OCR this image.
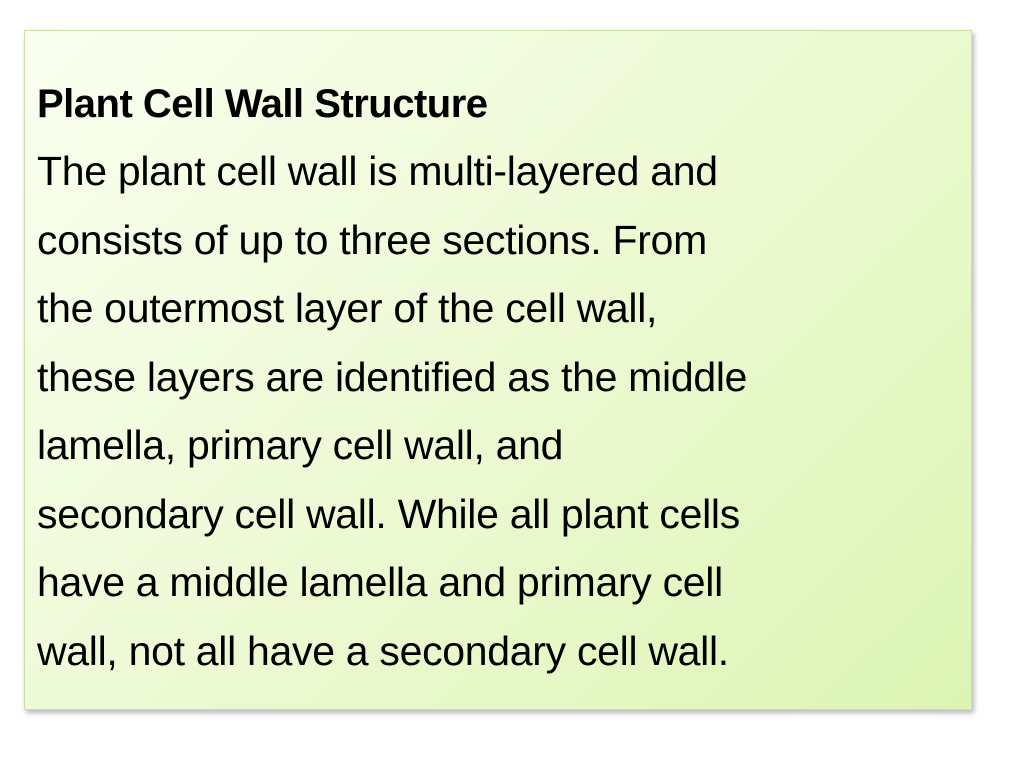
Plant Cell Wall Structure

The plant cell wall is multi-layered and
consists of up to three sections. From
the outermost layer of the cell wall,
these layers are identified as the middle
lamella, primary cell wall, and
secondary cell wall. While all plant cells
have a middle lamella and primary cell
wall, not all have a secondary cell wall.
